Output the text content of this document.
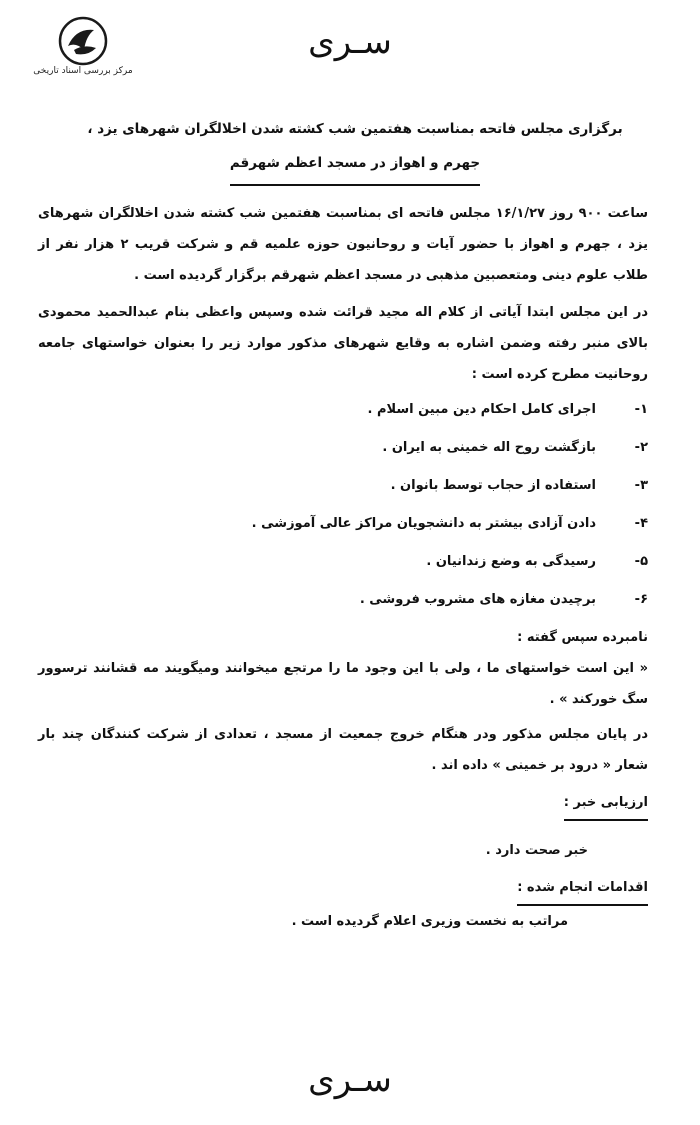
مرکز بررسی اسناد تاریخی
سـری
برگزاری مجلس فاتحه بمناسبت هفتمین شب کشته شدن اخلالگران شهرهای یزد ،
جهرم و اهواز در مسجد اعظم شهرقم

ساعت ۹۰۰ روز ۱۶/۱/۲۷ مجلس فاتحه ای بمناسبت هفتمین شب کشته شدن اخلالگران شهرهای یزد ، جهرم و اهواز با حضور آیات و روحانیون حوزه علمیه قم و شرکت قریب ۲ هزار نفر از طلاب علوم دینی ومتعصبین مذهبی در مسجد اعظم شهرقم برگزار گردیده است .

در این مجلس ابتدا آیاتی از کلام اله مجید قرائت شده وسپس واعظی بنام عبدالحمید محمودی بالای منبر رفته وضمن اشاره به وقایع شهرهای مذکور موارد زیر را بعنوان خواستهای جامعه روحانیت مطرح کرده است :

۱-
اجرای کامل احکام دین مبین اسلام .
۲-
بازگشت روح اله خمینی به ایران .
۳-
استفاده از حجاب توسط بانوان .
۴-
دادن آزادی بیشتر به دانشجویان مراکز عالی آموزشی .
۵-
رسیدگی به وضع زندانیان .
۶-
برچیدن مغازه های مشروب فروشی .

نامبرده سپس گفته :

« این است خواستهای ما ، ولی با این وجود ما را مرتجع میخوانند ومیگویند مه قشانند ترسوور سگ خورکند » .

در پایان مجلس مذکور ودر هنگام خروج جمعیت از مسجد ، تعدادی از شرکت کنندگان چند بار شعار « درود بر خمینی » داده اند .

ارزیابی خبر :

خبر صحت دارد .

اقدامات انجام شده :

مراتب به نخست وزیری اعلام گردیده است .

سـری
